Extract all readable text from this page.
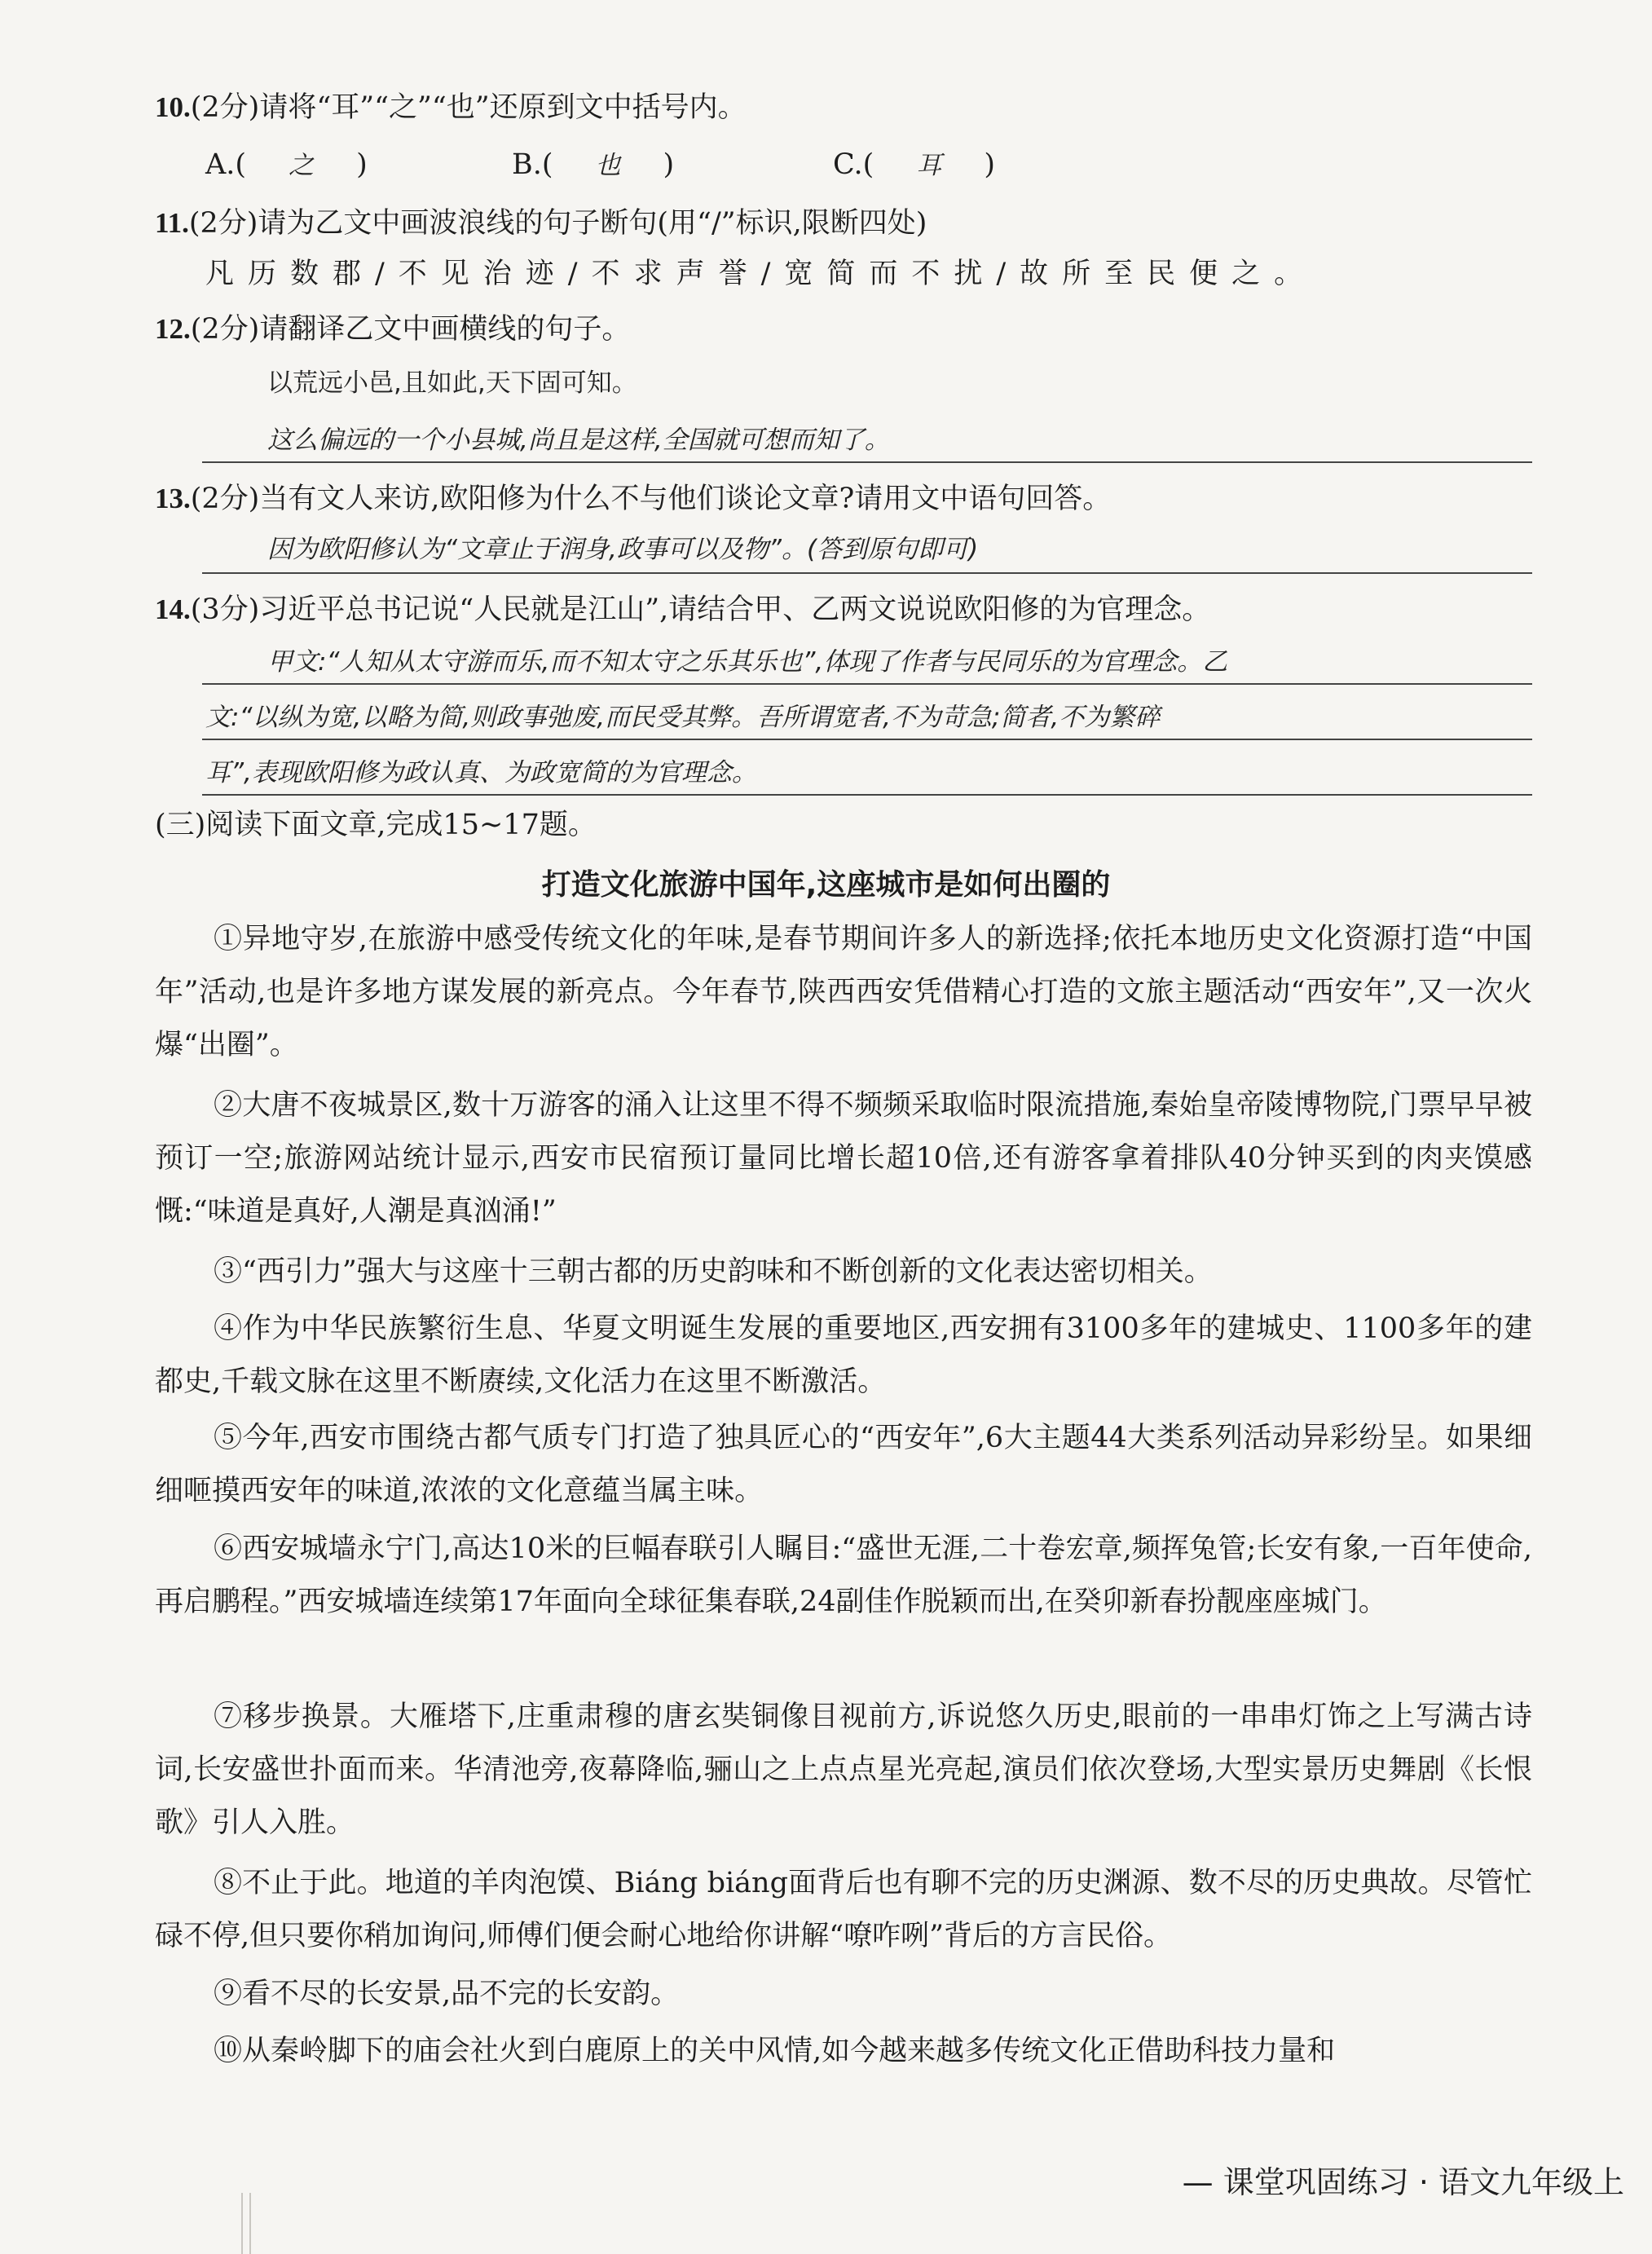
10.(2分)请将“耳”“之”“也”还原到文中括号内。
A.( 之 )	B.( 也 )	C.( 耳 )
11.(2分)请为乙文中画波浪线的句子断句(用“/”标识,限断四处)
凡历数郡/不见治迹/不求声誉/宽简而不扰/故所至民便之。
12.(2分)请翻译乙文中画横线的句子。
以荒远小邑,且如此,天下固可知。
这么偏远的一个小县城,尚且是这样,全国就可想而知了。
13.(2分)当有文人来访,欧阳修为什么不与他们谈论文章?请用文中语句回答。
因为欧阳修认为“文章止于润身,政事可以及物”。(答到原句即可)
14.(3分)习近平总书记说“人民就是江山”,请结合甲、乙两文说说欧阳修的为官理念。
甲文:“人知从太守游而乐,而不知太守之乐其乐也”,体现了作者与民同乐的为官理念。乙
文:“以纵为宽,以略为简,则政事弛废,而民受其弊。吾所谓宽者,不为苛急;简者,不为繁碎
耳”,表现欧阳修为政认真、为政宽简的为官理念。
(三)阅读下面文章,完成15~17题。
打造文化旅游中国年,这座城市是如何出圈的
①异地守岁,在旅游中感受传统文化的年味,是春节期间许多人的新选择;依托本地历史文化资源打造“中国年”活动,也是许多地方谋发展的新亮点。今年春节,陕西西安凭借精心打造的文旅主题活动“西安年”,又一次火爆“出圈”。
②大唐不夜城景区,数十万游客的涌入让这里不得不频频采取临时限流措施,秦始皇帝陵博物院,门票早早被预订一空;旅游网站统计显示,西安市民宿预订量同比增长超10倍,还有游客拿着排队40分钟买到的肉夹馍感慨:“味道是真好,人潮是真汹涌!”
③“西引力”强大与这座十三朝古都的历史韵味和不断创新的文化表达密切相关。
④作为中华民族繁衍生息、华夏文明诞生发展的重要地区,西安拥有3100多年的建城史、1100多年的建都史,千载文脉在这里不断赓续,文化活力在这里不断激活。
⑤今年,西安市围绕古都气质专门打造了独具匠心的“西安年”,6大主题44大类系列活动异彩纷呈。如果细细咂摸西安年的味道,浓浓的文化意蕴当属主味。
⑥西安城墙永宁门,高达10米的巨幅春联引人瞩目:“盛世无涯,二十卷宏章,频挥兔管;长安有象,一百年使命,再启鹏程。”西安城墙连续第17年面向全球征集春联,24副佳作脱颖而出,在癸卯新春扮靓座座城门。
⑦移步换景。大雁塔下,庄重肃穆的唐玄奘铜像目视前方,诉说悠久历史,眼前的一串串灯饰之上写满古诗词,长安盛世扑面而来。华清池旁,夜幕降临,骊山之上点点星光亮起,演员们依次登场,大型实景历史舞剧《长恨歌》引人入胜。
⑧不止于此。地道的羊肉泡馍、Biáng biáng面背后也有聊不完的历史渊源、数不尽的历史典故。尽管忙碌不停,但只要你稍加询问,师傅们便会耐心地给你讲解“嘹咋咧”背后的方言民俗。
⑨看不尽的长安景,品不完的长安韵。
⑩从秦岭脚下的庙会社火到白鹿原上的关中风情,如今越来越多传统文化正借助科技力量和
— 课堂巩固练习 · 语文九年级上
